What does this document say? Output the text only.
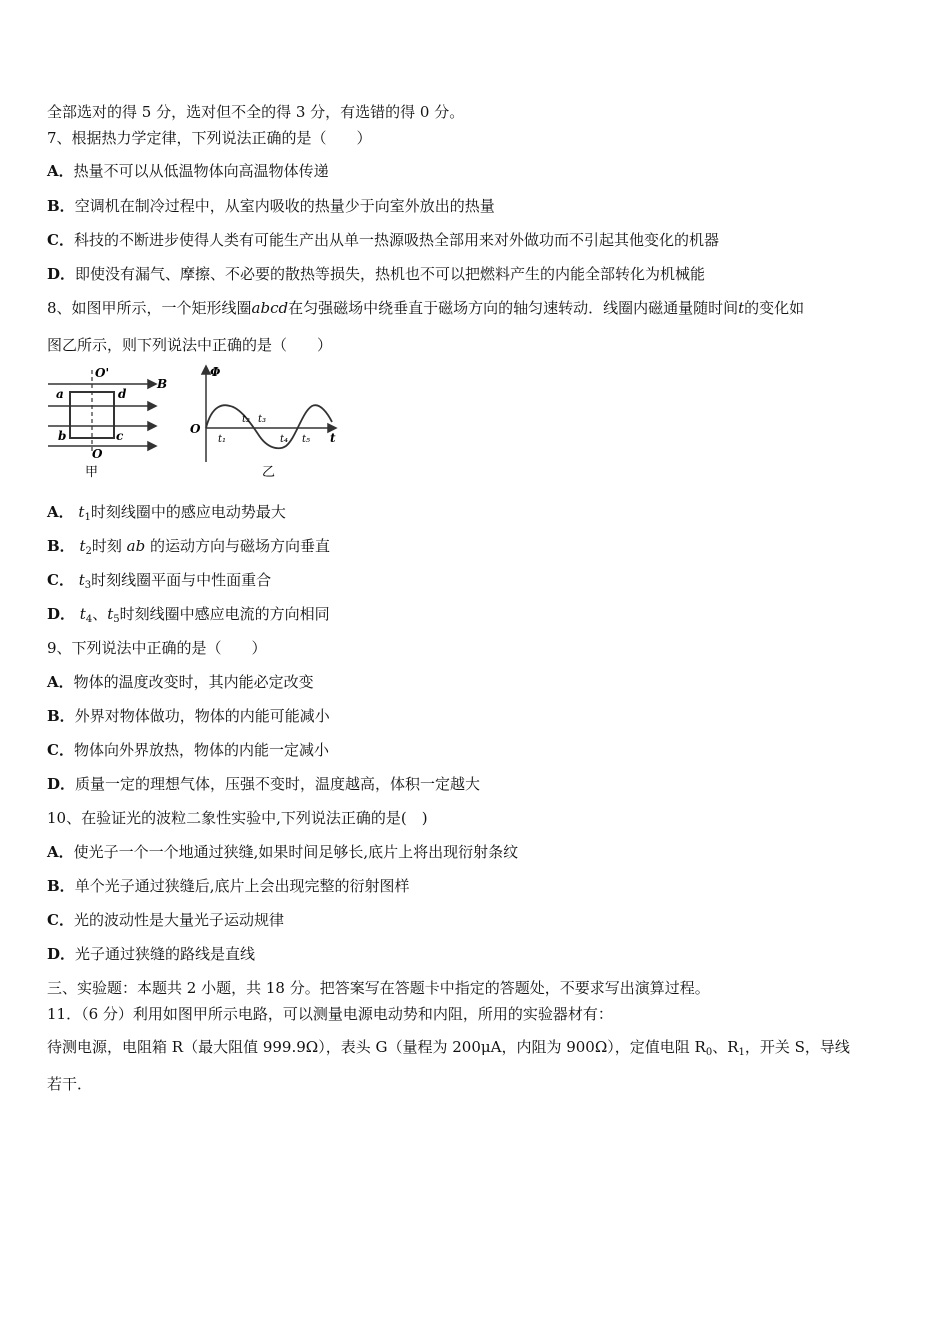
全部选对的得 5 分，选对但不全的得 3 分，有选错的得 0 分。
7、根据热力学定律，下列说法正确的是（　　）
A．热量不可以从低温物体向高温物体传递
B．空调机在制冷过程中，从室内吸收的热量少于向室外放出的热量
C．科技的不断进步使得人类有可能生产出从单一热源吸热全部用来对外做功而不引起其他变化的机器
D．即使没有漏气、摩擦、不必要的散热等损失，热机也不可以把燃料产生的内能全部转化为机械能
8、如图甲所示，一个矩形线圈abcd在匀强磁场中绕垂直于磁场方向的轴匀速转动．线圈内磁通量随时间t的变化如
图乙所示，则下列说法中正确的是（　　）
O'
B
a	d
b	c
O
甲
Φ
O
t
t₁
t₂ t₃
t₄ t₅
乙
A． $t_1$时刻线圈中的感应电动势最大
B． $t_2$时刻 ab 的运动方向与磁场方向垂直
C． $t_3$时刻线圈平面与中性面重合
D． $t_4$、$t_5$时刻线圈中感应电流的方向相同
9、下列说法中正确的是（　　）
A．物体的温度改变时，其内能必定改变
B．外界对物体做功，物体的内能可能减小
C．物体向外界放热，物体的内能一定减小
D．质量一定的理想气体，压强不变时，温度越高，体积一定越大
10、在验证光的波粒二象性实验中,下列说法正确的是(　)
A．使光子一个一个地通过狭缝,如果时间足够长,底片上将出现衍射条纹
B．单个光子通过狭缝后,底片上会出现完整的衍射图样
C．光的波动性是大量光子运动规律
D．光子通过狭缝的路线是直线
三、实验题：本题共 2 小题，共 18 分。把答案写在答题卡中指定的答题处，不要求写出演算过程。
11．（6 分）利用如图甲所示电路，可以测量电源电动势和内阻，所用的实验器材有：
待测电源，电阻箱 R（最大阻值 999.9Ω），表头 G（量程为 200μA，内阻为 900Ω），定值电阻 $R_0$、$R_1$，开关 S，导线
若干．
